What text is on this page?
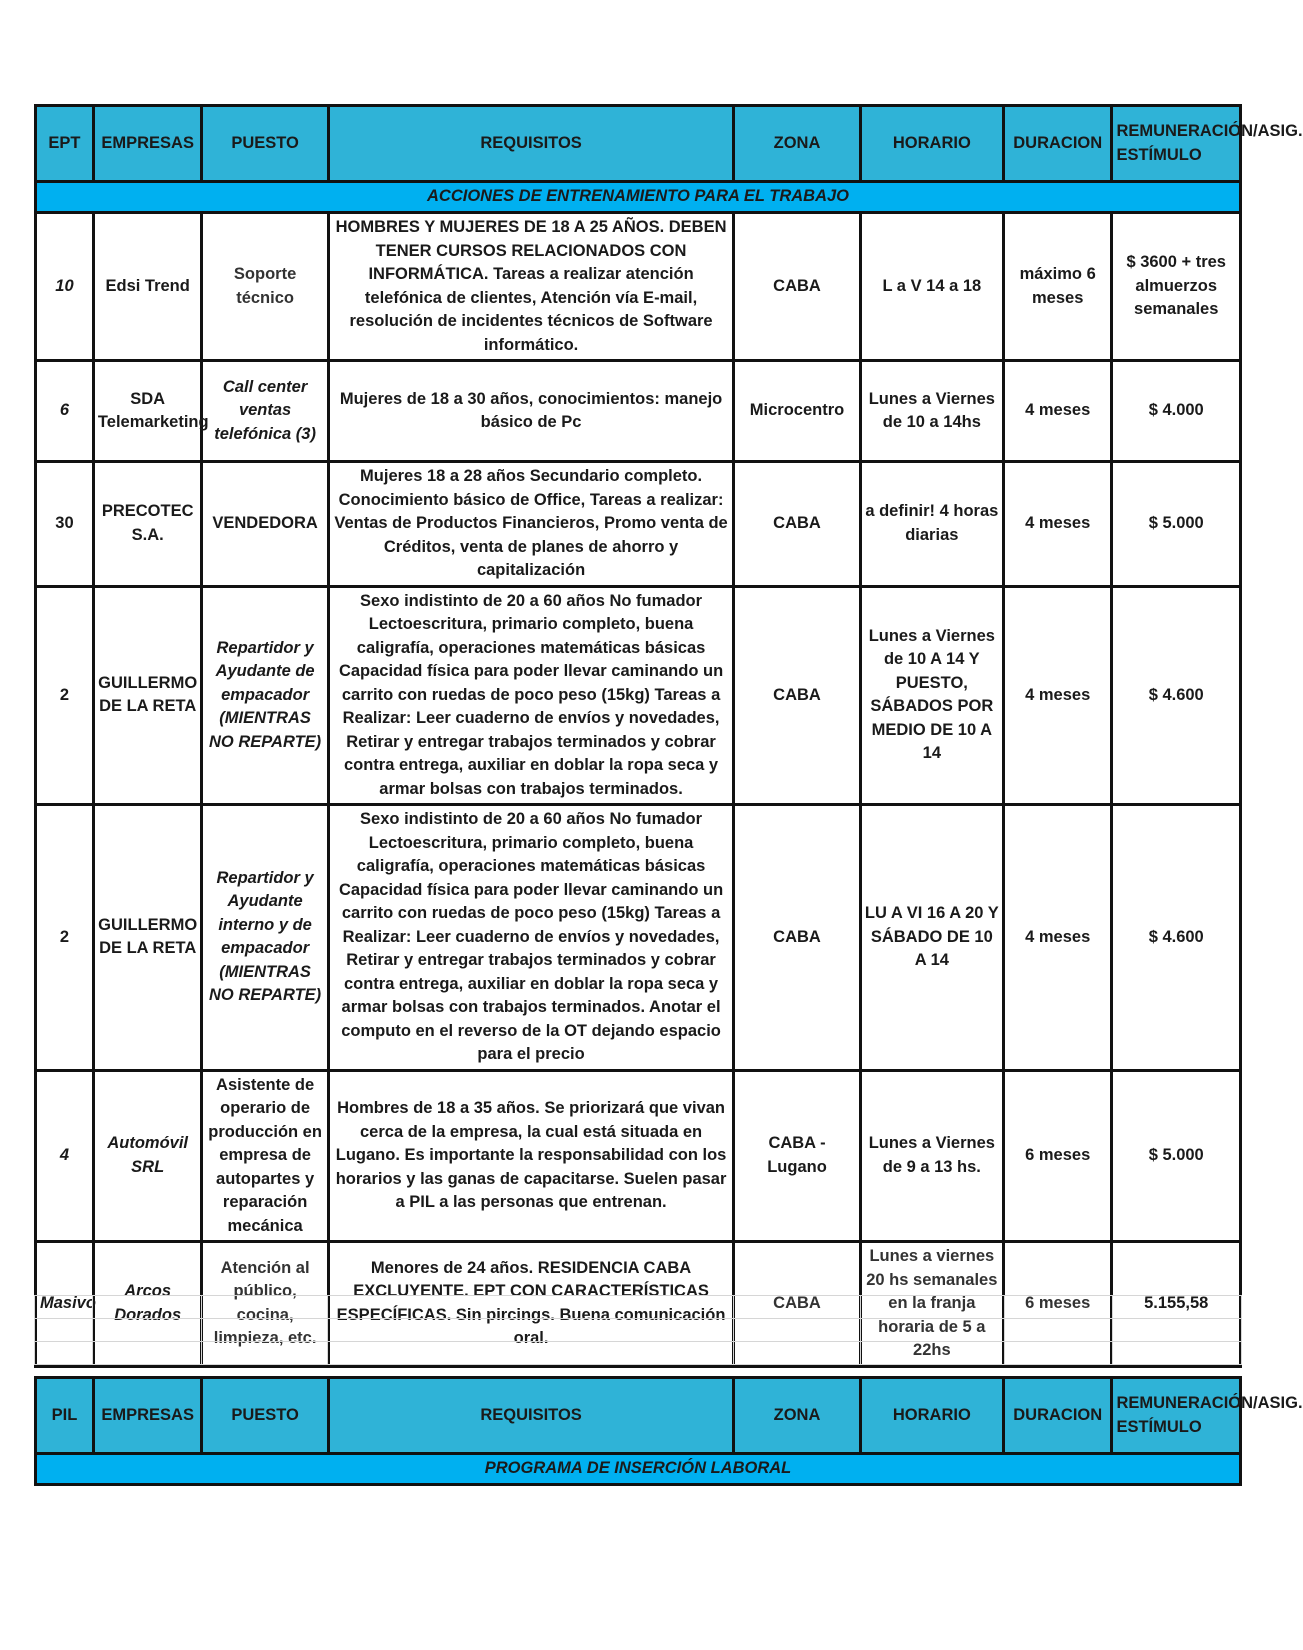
EPT	EMPRESAS	PUESTO	REQUISITOS	ZONA	HORARIO	DURACION	REMUNERACIÓN/ASIG. ESTÍMULO
ACCIONES DE ENTRENAMIENTO PARA EL TRABAJO							
10	Edsi Trend	Soporte técnico	HOMBRES Y MUJERES DE 18 A 25 AÑOS. DEBEN TENER CURSOS RELACIONADOS CON INFORMÁTICA. Tareas a realizar atención telefónica de clientes, Atención vía E-mail, resolución de incidentes técnicos de Software informático.	CABA	L a V 14 a 18	máximo 6 meses	$ 3600 + tres almuerzos semanales
6	SDA Telemarketing	Call center ventas telefónica (3)	Mujeres de 18 a 30 años, conocimientos: manejo básico de Pc	Microcentro	Lunes a Viernes de 10 a 14hs	4 meses	$ 4.000
30	PRECOTEC S.A.	VENDEDORA	Mujeres 18 a 28 años Secundario completo. Conocimiento básico de Office, Tareas a realizar: Ventas de Productos Financieros, Promo venta de Créditos, venta de planes de ahorro y capitalización	CABA	a definir! 4 horas diarias	4 meses	$ 5.000
2	GUILLERMO DE LA RETA	Repartidor y Ayudante de empacador (MIENTRAS NO REPARTE)	Sexo indistinto de 20 a 60 años No fumador Lectoescritura, primario completo, buena caligrafía, operaciones matemáticas básicas Capacidad física para poder llevar caminando un carrito con ruedas de poco peso (15kg) Tareas a Realizar: Leer cuaderno de envíos y novedades, Retirar y entregar trabajos terminados y cobrar contra entrega, auxiliar en doblar la ropa seca y armar bolsas con trabajos terminados.	CABA	Lunes a Viernes de 10 A 14 Y PUESTO, SÁBADOS POR MEDIO DE 10 A 14	4 meses	$ 4.600
2	GUILLERMO DE LA RETA	Repartidor y Ayudante interno y de empacador (MIENTRAS NO REPARTE)	Sexo indistinto de 20 a 60 años No fumador Lectoescritura, primario completo, buena caligrafía, operaciones matemáticas básicas Capacidad física para poder llevar caminando un carrito con ruedas de poco peso (15kg) Tareas a Realizar: Leer cuaderno de envíos y novedades, Retirar y entregar trabajos terminados y cobrar contra entrega, auxiliar en doblar la ropa seca y armar bolsas con trabajos terminados. Anotar el computo en el reverso de la OT dejando espacio para el precio	CABA	LU A VI 16 A 20 Y SÁBADO DE 10 A 14	4 meses	$ 4.600
4	Automóvil SRL	Asistente de operario de producción en empresa de autopartes y reparación mecánica	Hombres de 18 a 35 años. Se priorizará que vivan cerca de la empresa, la cual está situada en Lugano. Es importante la responsabilidad con los horarios y las ganas de capacitarse. Suelen pasar a PIL a las personas que entrenan.	CABA - Lugano	Lunes a Viernes de 9 a 13 hs.	6 meses	$ 5.000
Masivo	Arcos Dorados	Atención al público, cocina, limpieza, etc.	Menores de 24 años. RESIDENCIA CABA EXCLUYENTE. EPT CON CARACTERÍSTICAS ESPECÍFICAS. Sin pircings. Buena comunicación oral.	CABA	Lunes a viernes 20 hs semanales en la franja horaria de 5 a 22hs	6 meses	5.155,58

PIL	EMPRESAS	PUESTO	REQUISITOS	ZONA	HORARIO	DURACION	REMUNERACIÓN/ASIG. ESTÍMULO
PROGRAMA DE INSERCIÓN LABORAL
